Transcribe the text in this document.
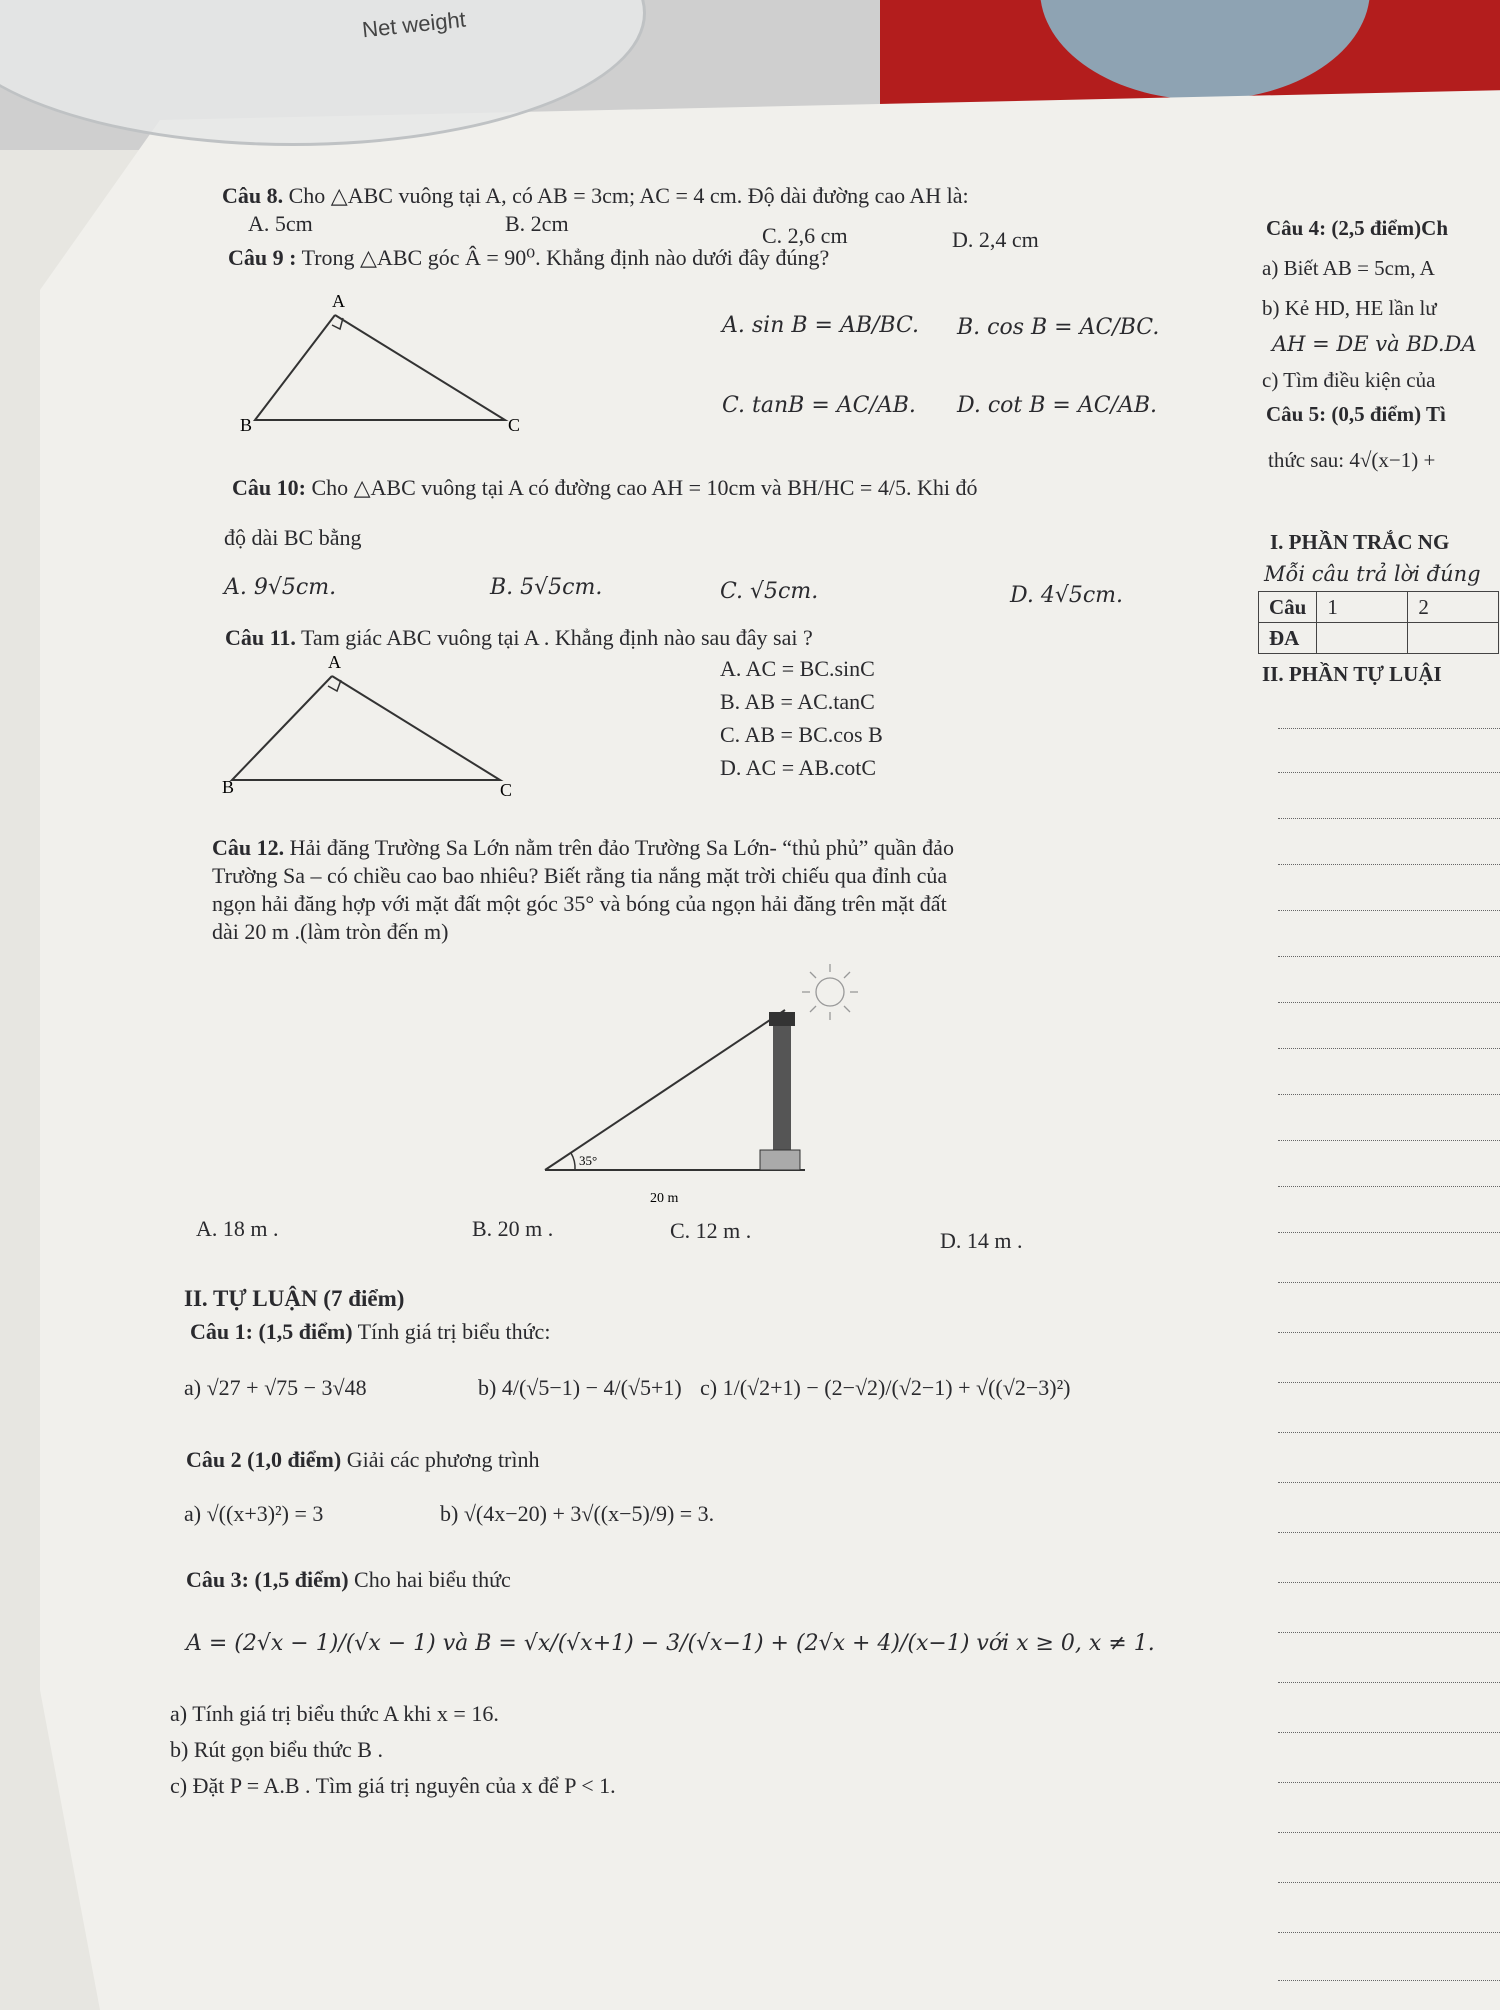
Net weight
Câu 8. Cho △ABC vuông tại A, có AB = 3cm; AC = 4 cm. Độ dài đường cao AH là:
A. 5cm	B. 2cm	C. 2,6 cm	D. 2,4 cm
Câu 9 : Trong △ABC góc Â = 90⁰. Khẳng định nào dưới đây đúng?
A
B	C
A. sin B = AB/BC. B. cos B = AC/BC.
C. tanB = AC/AB. D. cot B = AC/AB.
Câu 10: Cho △ABC vuông tại A có đường cao AH = 10cm và BH/HC = 4/5. Khi đó
độ dài BC bằng
A. 9√5cm.	B. 5√5cm.	C. √5cm.	D. 4√5cm.
Câu 11. Tam giác ABC vuông tại A . Khẳng định nào sau đây sai ?
A
B	C
A. AC = BC.sinC
B. AB = AC.tanC
C. AB = BC.cos B
D. AC = AB.cotC
Câu 12. Hải đăng Trường Sa Lớn nằm trên đảo Trường Sa Lớn- “thủ phủ” quần đảo
Trường Sa – có chiều cao bao nhiêu? Biết rằng tia nắng mặt trời chiếu qua đỉnh của
ngọn hải đăng hợp với mặt đất một góc 35° và bóng của ngọn hải đăng trên mặt đất
dài 20 m .(làm tròn đến m)
35°
20 m
A. 18 m .	B. 20 m .	C. 12 m .	D. 14 m .
II. TỰ LUẬN (7 điểm)
Câu 1: (1,5 điểm) Tính giá trị biểu thức:
a) √27 + √75 − 3√48	b) 4/(√5−1) − 4/(√5+1) c) 1/(√2+1) − (2−√2)/(√2−1) + √((√2−3)²)
Câu 2 (1,0 điểm) Giải các phương trình
a) √((x+3)²) = 3	b) √(4x−20) + 3√((x−5)/9) = 3.
Câu 3: (1,5 điểm) Cho hai biểu thức
A = (2√x − 1)/(√x − 1) và B = √x/(√x+1) − 3/(√x−1) + (2√x + 4)/(x−1) với x ≥ 0, x ≠ 1.
a) Tính giá trị biểu thức A khi x = 16.
b) Rút gọn biểu thức B .
c) Đặt P = A.B . Tìm giá trị nguyên của x để P < 1.
Câu 4: (2,5 điểm)Ch
a) Biết AB = 5cm, A
b) Kẻ HD, HE lần lư
AH = DE và BD.DA
c) Tìm điều kiện của
Câu 5: (0,5 điểm) Tì
thức sau: 4√(x−1) +
I. PHẦN TRẮC NG
Mỗi câu trả lời đúng
Câu	1	2
ĐA		
II. PHẦN TỰ LUẬI
